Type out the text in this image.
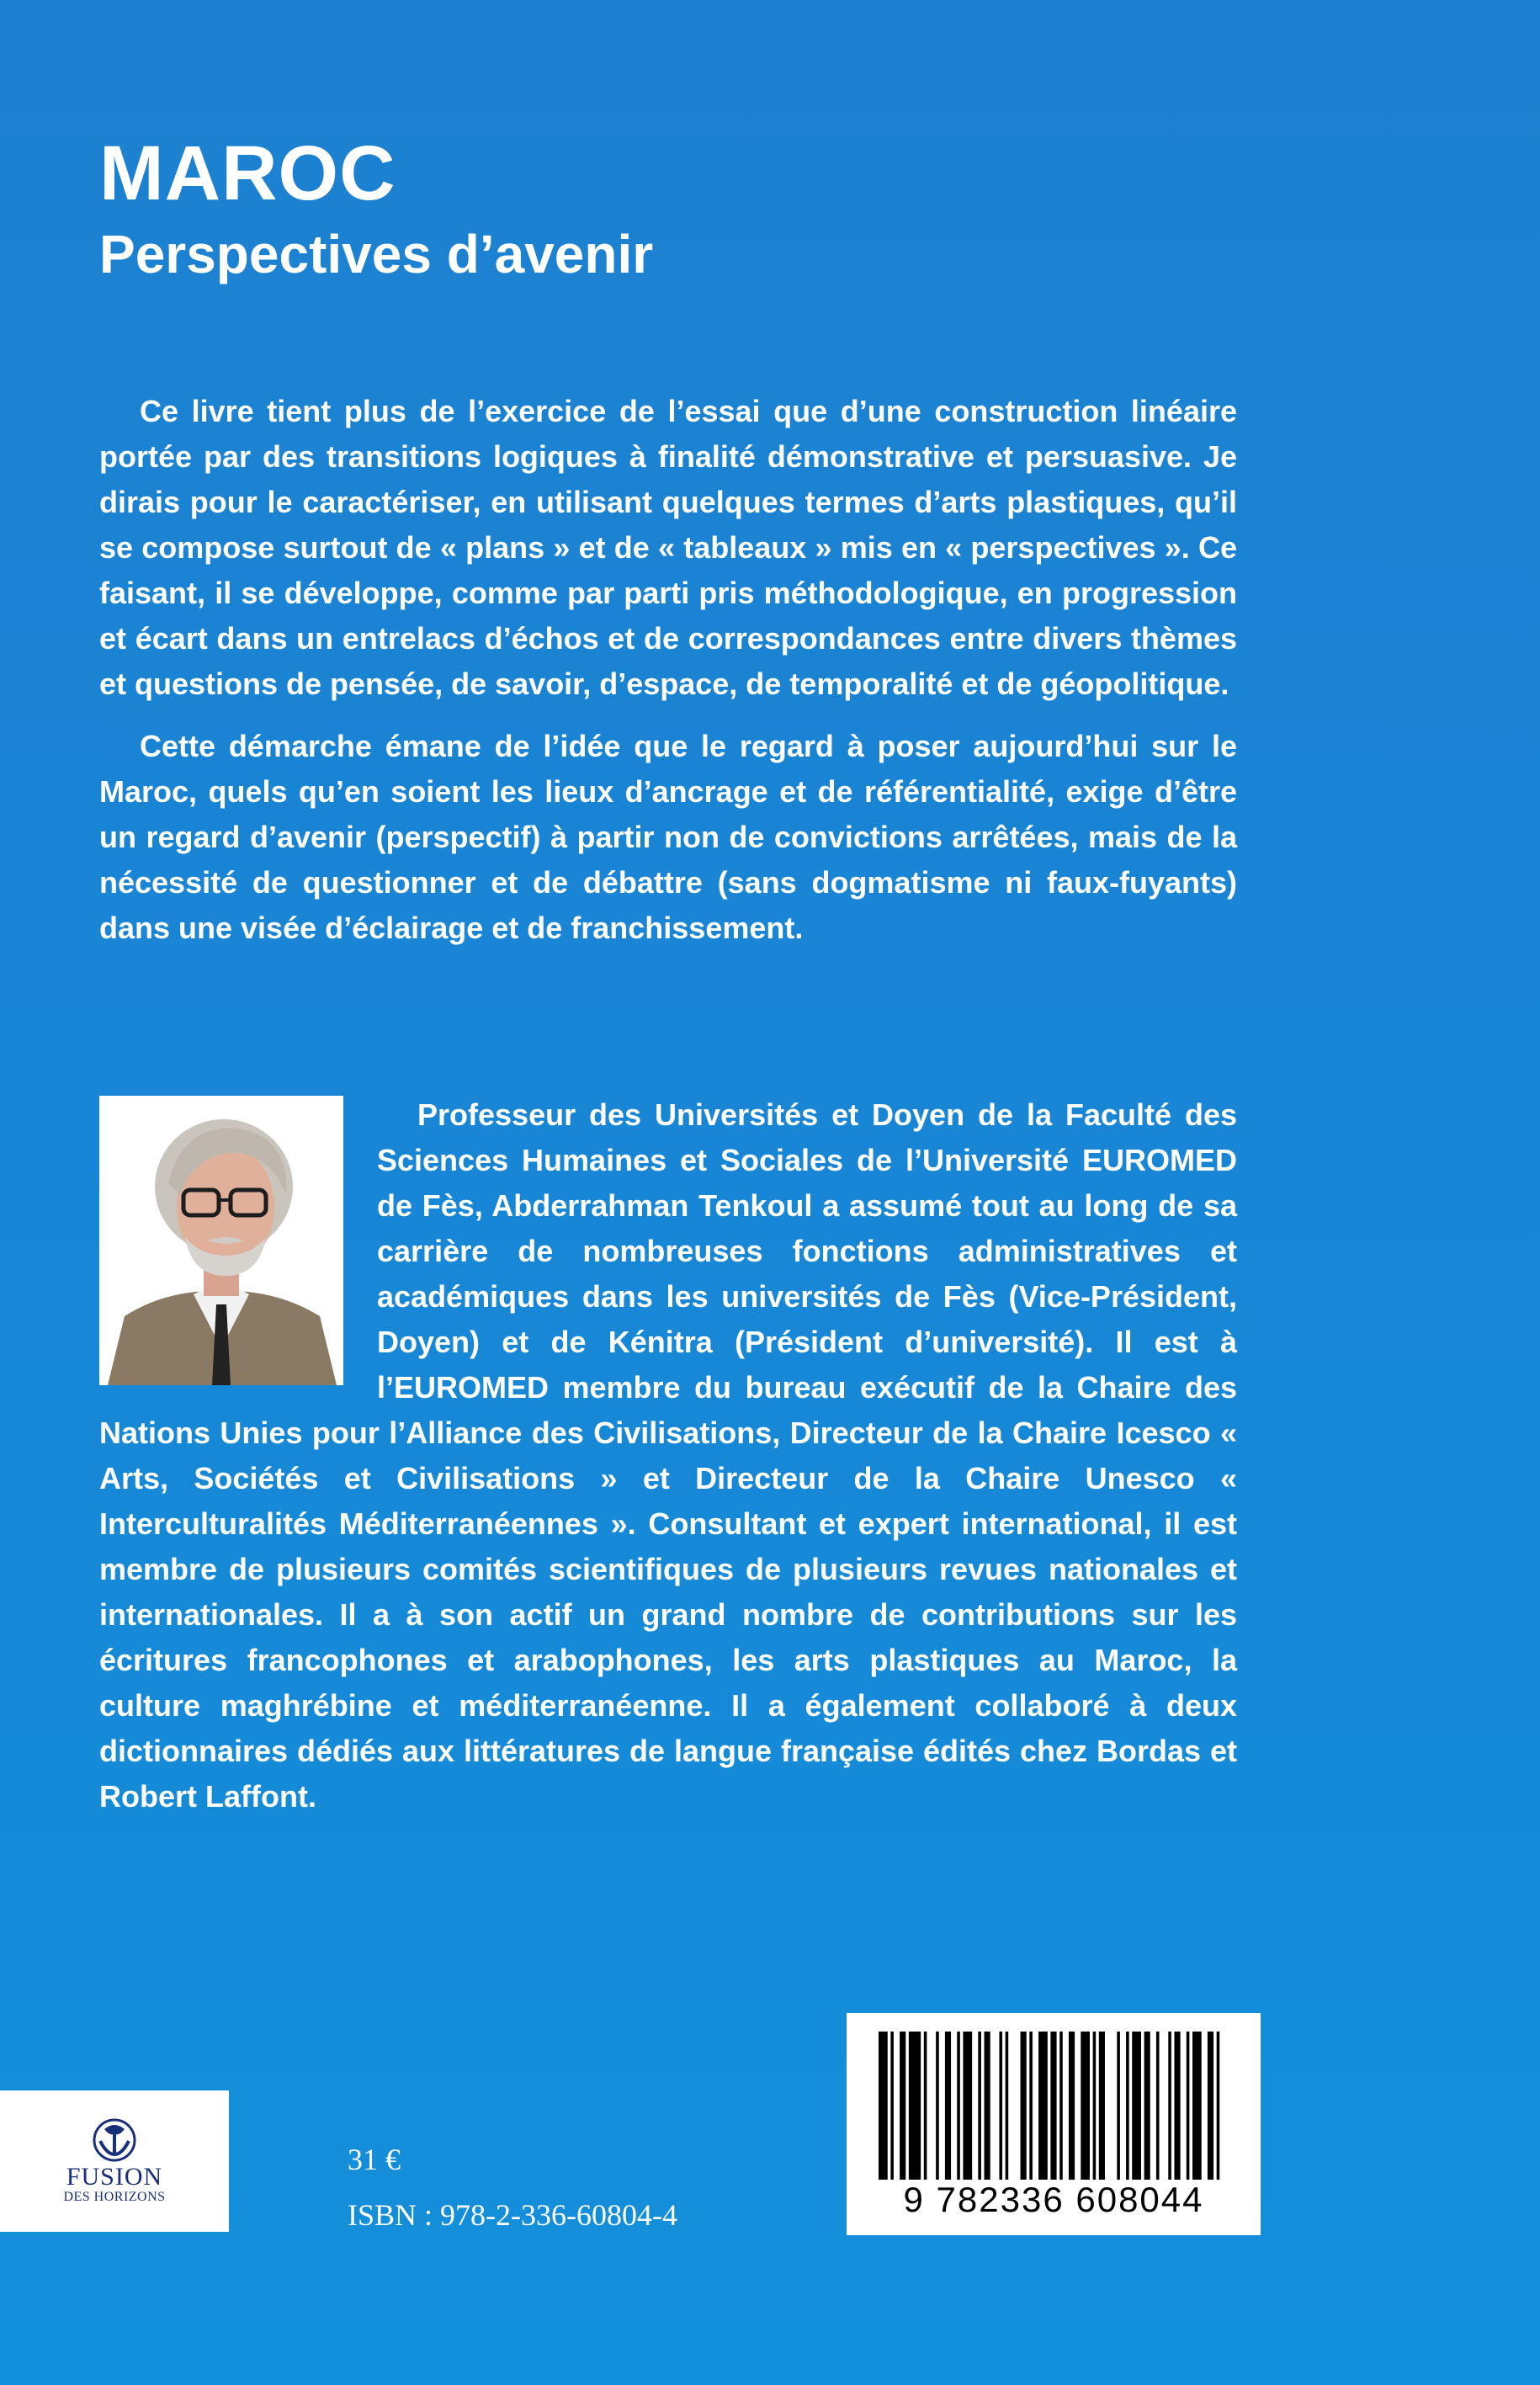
MAROC
Perspectives d’avenir

Ce livre tient plus de l’exercice de l’essai que d’une construction linéaire portée par des transitions logiques à finalité démonstrative et persuasive. Je dirais pour le caractériser, en utilisant quelques termes d’arts plastiques, qu’il se compose surtout de « plans » et de « tableaux » mis en « perspectives ». Ce faisant, il se développe, comme par parti pris méthodologique, en progression et écart dans un entrelacs d’échos et de correspondances entre divers thèmes et questions de pensée, de savoir, d’espace, de temporalité et de géopolitique.

Cette démarche émane de l’idée que le regard à poser aujourd’hui sur le Maroc, quels qu’en soient les lieux d’ancrage et de référentialité, exige d’être un regard d’avenir (perspectif) à partir non de convictions arrêtées, mais de la nécessité de questionner et de débattre (sans dogmatisme ni faux-fuyants) dans une visée d’éclairage et de franchissement.

Professeur des Universités et Doyen de la Faculté des Sciences Humaines et Sociales de l’Université EUROMED de Fès, Abderrahman Tenkoul a assumé tout au long de sa carrière de nombreuses fonctions administratives et académiques dans les universités de Fès (Vice-Président, Doyen) et de Kénitra (Président d’université). Il est à l’EUROMED membre du bureau exécutif de la Chaire des Nations Unies pour l’Alliance des Civilisations, Directeur de la Chaire Icesco « Arts, Sociétés et Civilisations » et Directeur de la Chaire Unesco « Interculturalités Méditerranéennes ». Consultant et expert international, il est membre de plusieurs comités scientifiques de plusieurs revues nationales et internationales. Il a à son actif un grand nombre de contributions sur les écritures francophones et arabophones, les arts plastiques au Maroc, la culture maghrébine et méditerranéenne. Il a également collaboré à deux dictionnaires dédiés aux littératures de langue française édités chez Bordas et Robert Laffont.

FUSION
DES HORIZONS

31 €

ISBN : 978-2-336-60804-4	9 782336 608044
